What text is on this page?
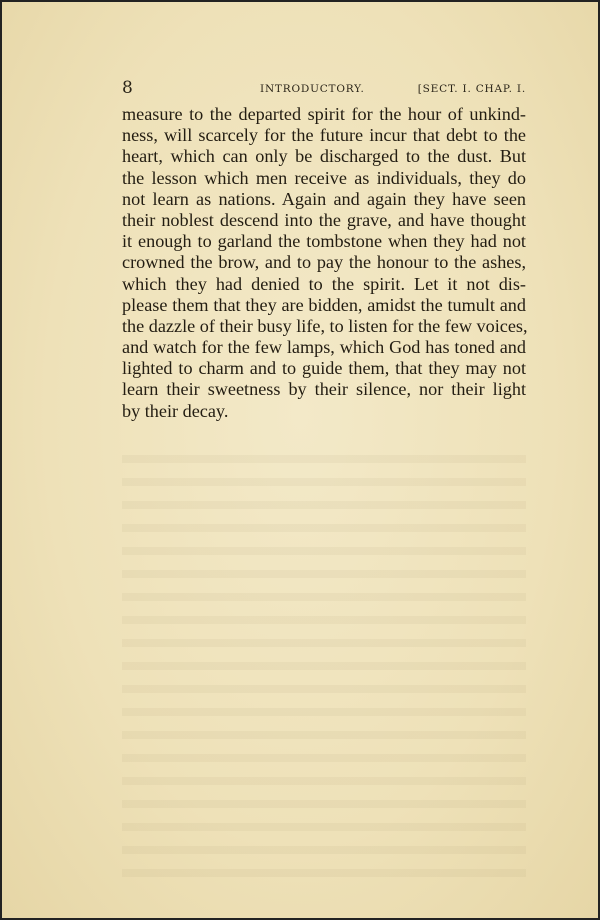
8	INTRODUCTORY.	[SECT. I. CHAP. I.
measure to the departed spirit for the hour of unkind-
ness, will scarcely for the future incur that debt to the
heart, which can only be discharged to the dust. But
the lesson which men receive as individuals, they do
not learn as nations. Again and again they have seen
their noblest descend into the grave, and have thought
it enough to garland the tombstone when they had not
crowned the brow, and to pay the honour to the ashes,
which they had denied to the spirit. Let it not dis-
please them that they are bidden, amidst the tumult and
the dazzle of their busy life, to listen for the few voices,
and watch for the few lamps, which God has toned and
lighted to charm and to guide them, that they may not
learn their sweetness by their silence, nor their light
by their decay.
